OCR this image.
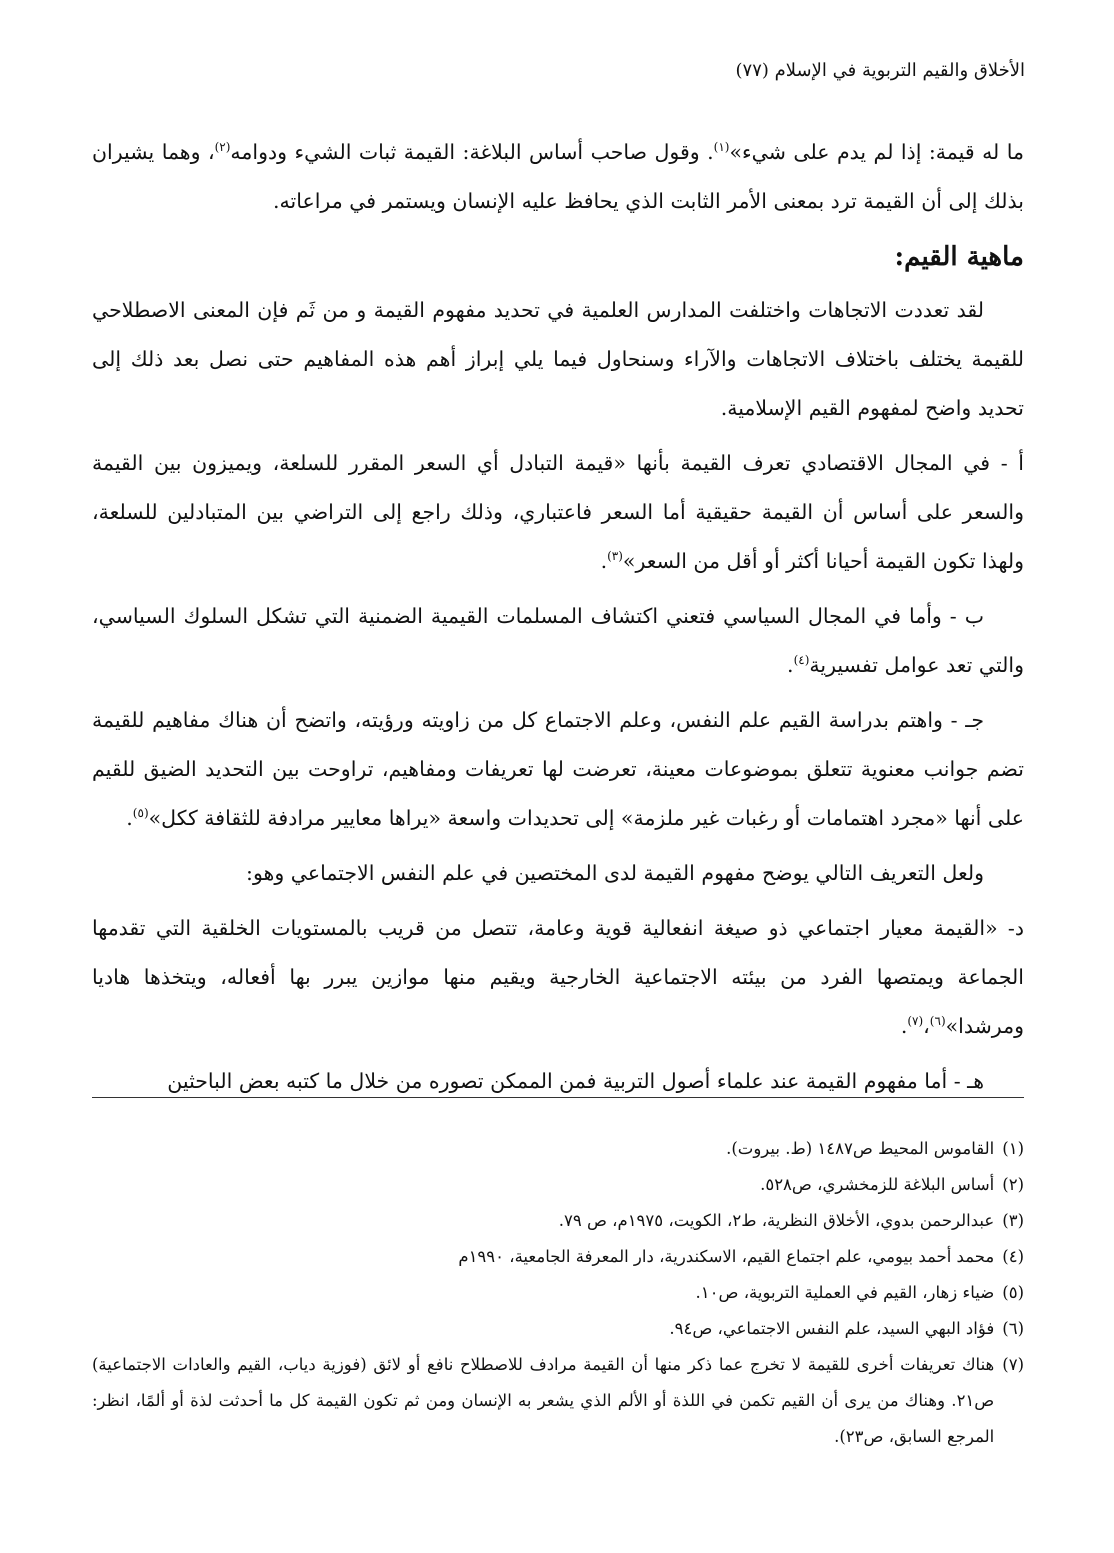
الأخلاق والقيم التربوية في الإسلام (٧٧)

ما له قيمة: إذا لم يدم على شيء»$^{(١)}$. وقول صاحب أساس البلاغة: القيمة ثبات الشيء ودوامه$^{(٢)}$، وهما يشيران بذلك إلى أن القيمة ترد بمعنى الأمر الثابت الذي يحافظ عليه الإنسان ويستمر في مراعاته.

ماهية القيم:

لقد تعددت الاتجاهات واختلفت المدارس العلمية في تحديد مفهوم القيمة و من ثَم فإن المعنى الاصطلاحي للقيمة يختلف باختلاف الاتجاهات والآراء وسنحاول فيما يلي إبراز أهم هذه المفاهيم حتى نصل بعد ذلك إلى تحديد واضح لمفهوم القيم الإسلامية.

أ - في المجال الاقتصادي تعرف القيمة بأنها «قيمة التبادل أي السعر المقرر للسلعة، ويميزون بين القيمة والسعر على أساس أن القيمة حقيقية أما السعر فاعتباري، وذلك راجع إلى التراضي بين المتبادلين للسلعة، ولهذا تكون القيمة أحيانا أكثر أو أقل من السعر»$^{(٣)}$.

ب - وأما في المجال السياسي فتعني اكتشاف المسلمات القيمية الضمنية التي تشكل السلوك السياسي، والتي تعد عوامل تفسيرية$^{(٤)}$.

جـ - واهتم بدراسة القيم علم النفس، وعلم الاجتماع كل من زاويته ورؤيته، واتضح أن هناك مفاهيم للقيمة تضم جوانب معنوية تتعلق بموضوعات معينة، تعرضت لها تعريفات ومفاهيم، تراوحت بين التحديد الضيق للقيم على أنها «مجرد اهتمامات أو رغبات غير ملزمة» إلى تحديدات واسعة «يراها معايير مرادفة للثقافة ككل»$^{(٥)}$.

ولعل التعريف التالي يوضح مفهوم القيمة لدى المختصين في علم النفس الاجتماعي وهو:

د- «القيمة معيار اجتماعي ذو صيغة انفعالية قوية وعامة، تتصل من قريب بالمستويات الخلقية التي تقدمها الجماعة ويمتصها الفرد من بيئته الاجتماعية الخارجية ويقيم منها موازين يبرر بها أفعاله، ويتخذها هاديا ومرشدا»$^{(٦)}$،$^{(٧)}$.

هـ - أما مفهوم القيمة عند علماء أصول التربية فمن الممكن تصوره من خلال ما كتبه بعض الباحثين

(١)
القاموس المحيط ص١٤٨٧ (ط. بيروت).
(٢)
أساس البلاغة للزمخشري، ص٥٢٨.
(٣)
عبدالرحمن بدوي، الأخلاق النظرية، ط٢، الكويت، ١٩٧٥م، ص ٧٩.
(٤)
محمد أحمد بيومي، علم اجتماع القيم، الاسكندرية، دار المعرفة الجامعية، ١٩٩٠م
(٥)
ضياء زهار، القيم في العملية التربوية، ص١٠.
(٦)
فؤاد البهي السيد، علم النفس الاجتماعي، ص٩٤.
(٧)
هناك تعريفات أخرى للقيمة لا تخرج عما ذكر منها أن القيمة مرادف للاصطلاح نافع أو لائق (فوزية دياب، القيم والعادات الاجتماعية) ص٢١. وهناك من يرى أن القيم تكمن في اللذة أو الألم الذي يشعر به الإنسان ومن ثم تكون القيمة كل ما أحدثت لذة أو ألمًا، انظر: المرجع السابق، ص٢٣).
